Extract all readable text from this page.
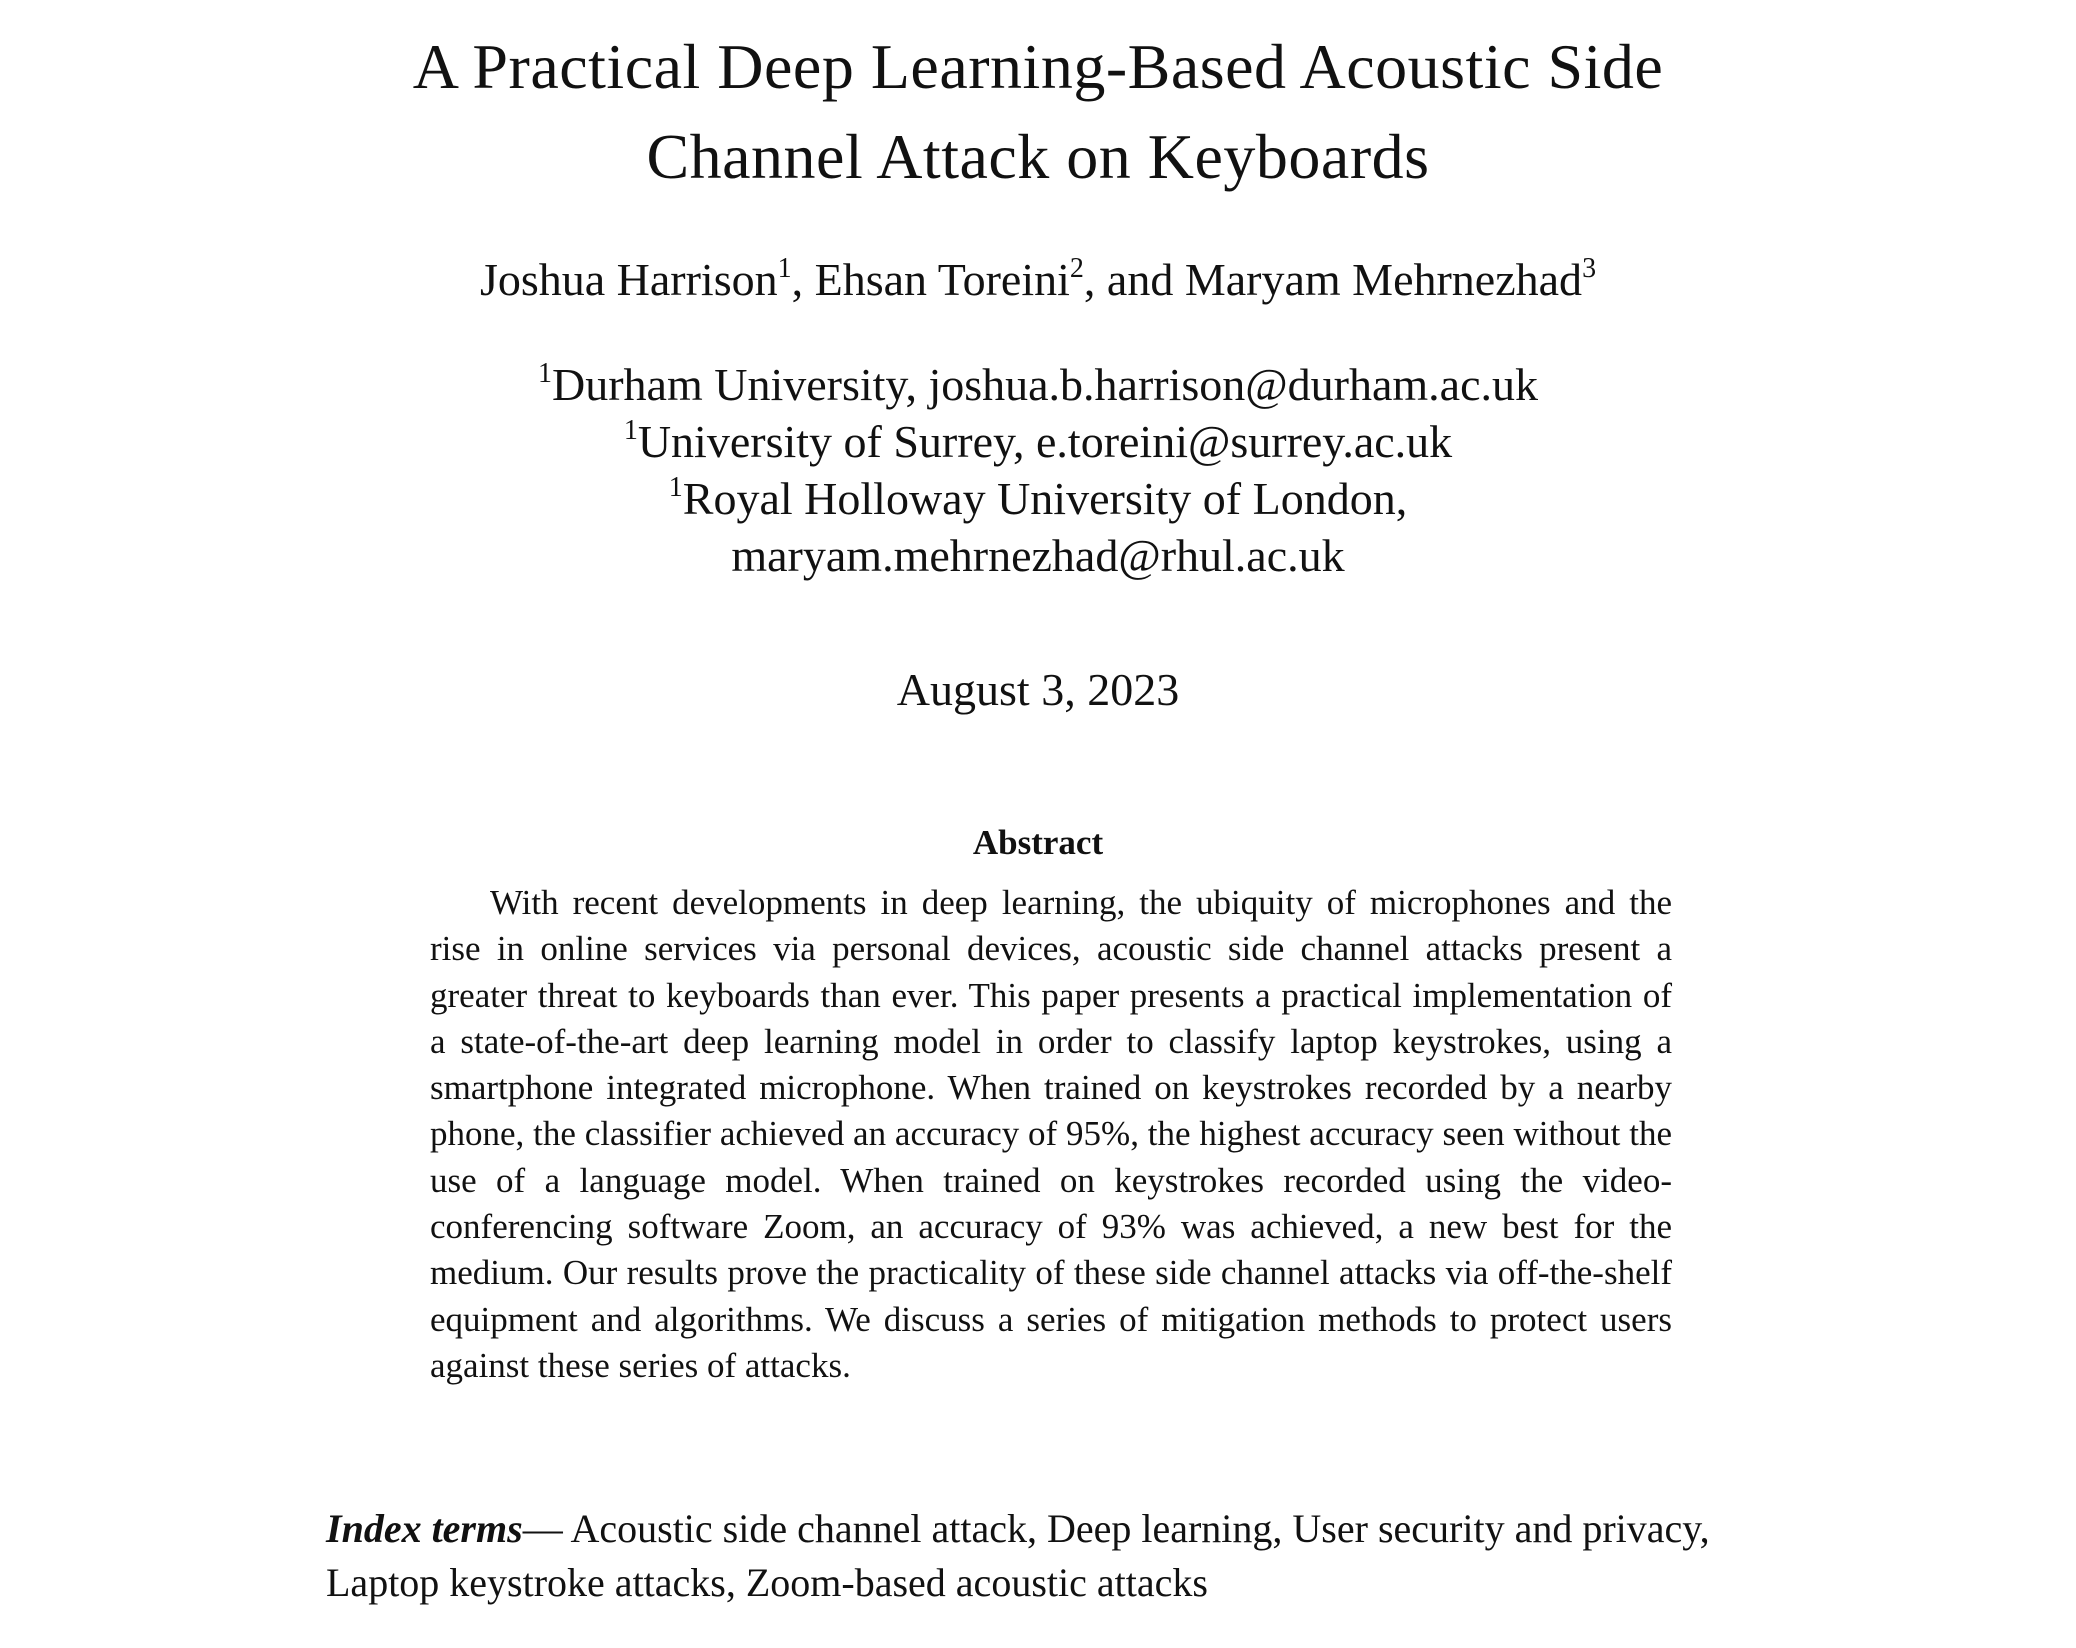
A Practical Deep Learning-Based Acoustic Side
Channel Attack on Keyboards
Joshua Harrison$^1$, Ehsan Toreini$^2$, and Maryam Mehrnezhad$^3$
$^1$Durham University, joshua.b.harrison@durham.ac.uk
$^1$University of Surrey, e.toreini@surrey.ac.uk
$^1$Royal Holloway University of London,
maryam.mehrnezhad@rhul.ac.uk
August 3, 2023
Abstract

With recent developments in deep learning, the ubiquity of microphones and the rise in online services via personal devices, acoustic side channel attacks present a greater threat to keyboards than ever. This paper presents a practical implementation of a state-of-the-art deep learning model in order to classify laptop keystrokes, using a smartphone integrated microphone. When trained on keystrokes recorded by a nearby phone, the classifier achieved an accuracy of 95%, the highest accuracy seen without the use of a language model. When trained on keystrokes recorded using the video-conferencing software Zoom, an accuracy of 93% was achieved, a new best for the medium. Our results prove the practicality of these side channel attacks via off-the-shelf equipment and algorithms. We discuss a series of mitigation methods to protect users against these series of attacks.

Index terms— Acoustic side channel attack, Deep learning, User security and privacy, Laptop keystroke attacks, Zoom-based acoustic attacks
